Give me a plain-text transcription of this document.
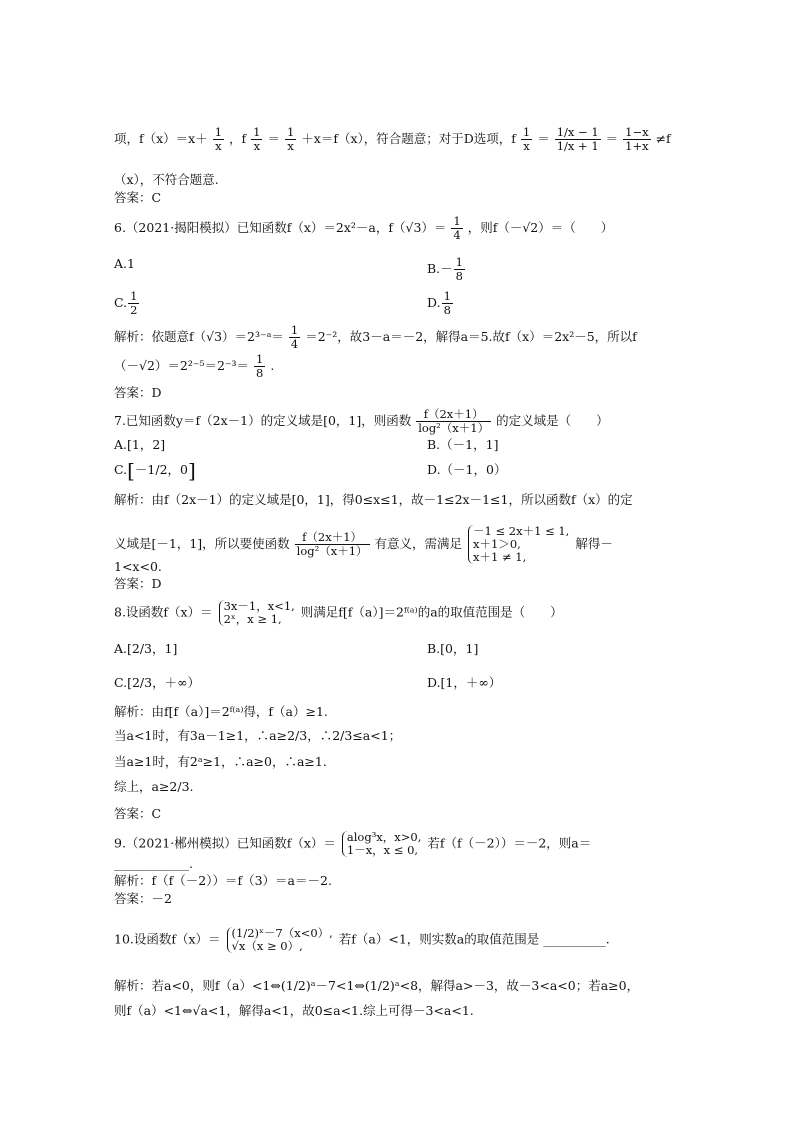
项，$f(x)=x+ \frac{1}{x}$ ，f $\frac{1}{x} = \frac{1}{x} +x=f(x)$，符合题意；对于D选项，f $\frac{1}{x} = \frac{1/x - 1}{1/x + 1} = \frac{1-x}{1+x} \ne f$
（x），不符合题意.
答案：C
6.（2021·揭阳模拟）已知函数f（x）＝2x²－a，$f(√3)= \frac{1}{4}$ ，则f（－√2）＝（　　）
A.1	$B.- \frac{1}{8}$
C. $\frac{1}{2}$	D. $\frac{1}{8}$
解析：依题意f（√3）＝2³⁻ᵃ＝ $\frac{1}{4} =2^{-2}$，故3－a＝－2，解得a＝5.故f（x）＝2x²－5，所以f
$(-√2)=2^{2-5}=2^{-3}= \frac{1}{8}$ .
答案：D
7.已知函数y＝f（2x－1）的定义域是[0，1]，则函数 $\frac{f(2x+1)}{\text{log²（x＋1）}}$ 的定义域是（　　）
A.[1，2]	B.（－1，1]
C.[－1/2，0]	D.（－1，0）
解析：由f（2x－1）的定义域是[0，1]，得0≤x≤1，故－1≤2x－1≤1，所以函数f（x）的定
义域是[－1，1]，所以要使函数 $\frac{f(2x+1)}{\text{log²（x＋1）}}$ 有意义，需满足 －1 ≤ 2x＋1 ≤ 1,
x＋1＞0,
x＋1 ≠ 1, 解得－
1<x<0.
答案：D
8.设函数f（x）＝ 3x－1，x<1,
2ˣ，x ≥ 1, 则满足f[f（a）]＝2ᶠ⁽ᵃ⁾的a的取值范围是（　　）
A.[2/3，1]	B.[0，1]
C.[2/3，＋∞）	D.[1，＋∞）
解析：由f[f（a）]＝2ᶠ⁽ᵃ⁾得，f（a）≥1.
当a<1时，有3a－1≥1，∴a≥2/3，∴2/3≤a<1；
当a≥1时，有2ᵃ≥1，∴a≥0，∴a≥1.
综上，a≥2/3.
答案：C
9.（2021·郴州模拟）已知函数f（x）＝ alog³x，x>0,
1－x，x ≤ 0, 若f（f（－2））＝－2，则a＝
____________.
解析：f（f（－2））＝f（3）＝a＝－2.
答案：－2
10.设函数f（x）＝ (1/2)ˣ－7（x<0）,
√x（x ≥ 0）,	若f（a）<1，则实数a的取值范围是 __________.
解析：若a<0，则f（a）<1⇔(1/2)ᵃ－7<1⇔(1/2)ᵃ<8，解得a>－3，故－3<a<0；若a≥0，
则f（a）<1⇔√a<1，解得a<1，故0≤a<1.综上可得－3<a<1.
